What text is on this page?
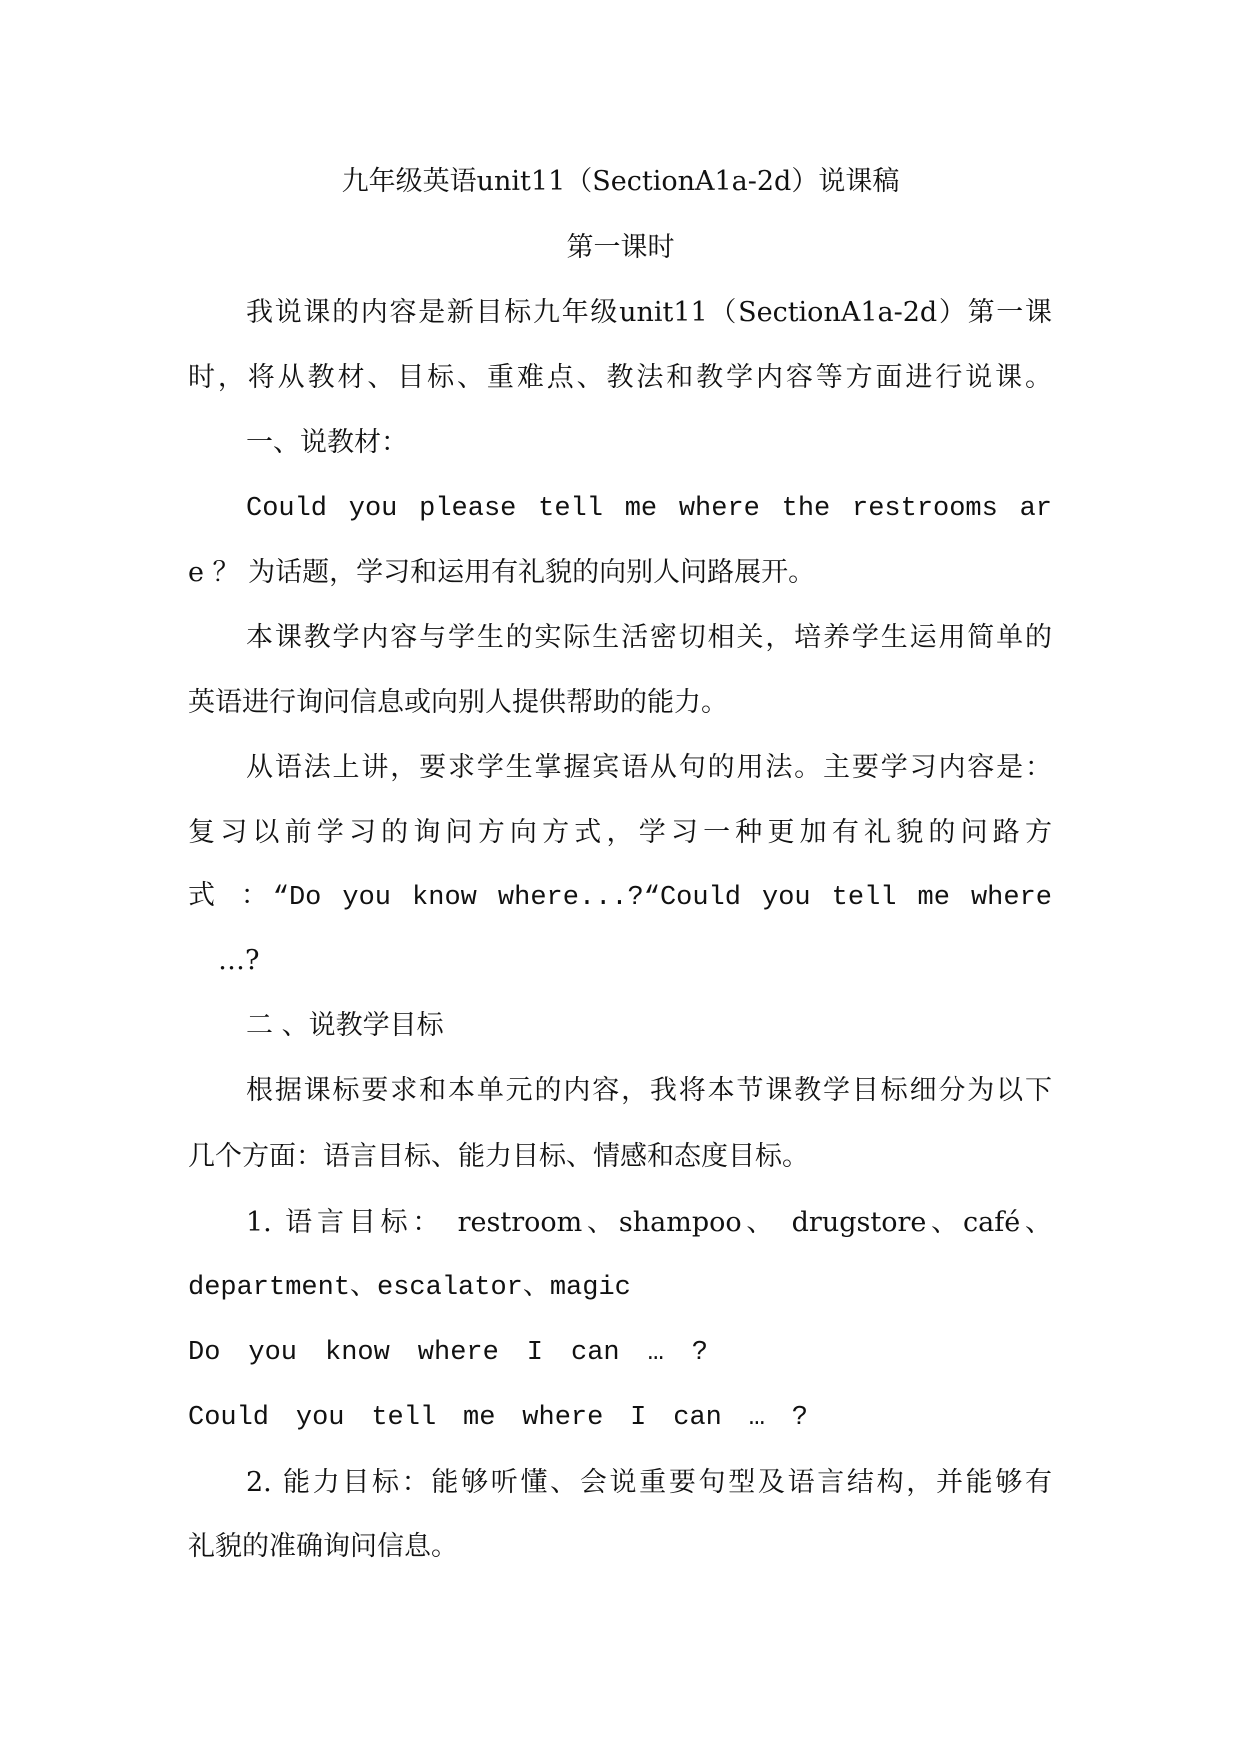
九年级英语unit11（SectionA1a-2d）说课稿
第一课时
我说课的内容是新目标九年级unit11（SectionA1a-2d）第一课
时，将从教材、目标、重难点、教法和教学内容等方面进行说课。
一、说教材：
Could you please tell me where the restrooms ar
e ？ 为话题，学习和运用有礼貌的向别人问路展开。
本课教学内容与学生的实际生活密切相关，培养学生运用简单的
英语进行询问信息或向别人提供帮助的能力。
从语法上讲，要求学生掌握宾语从句的用法。主要学习内容是：
复习以前学习的询问方向方式，学习一种更加有礼貌的问路方
式 ：“Do you know where...?“Could you tell me where
…?
二 、说教学目标
根据课标要求和本单元的内容，我将本节课教学目标细分为以下
几个方面：语言目标、能力目标、情感和态度目标。
1. 语言目标： restroom、shampoo、 drugstore、café、
department、escalator、magic
Do you know where I can … ?
Could you tell me where I can … ?
2. 能力目标：能够听懂、会说重要句型及语言结构，并能够有
礼貌的准确询问信息。
